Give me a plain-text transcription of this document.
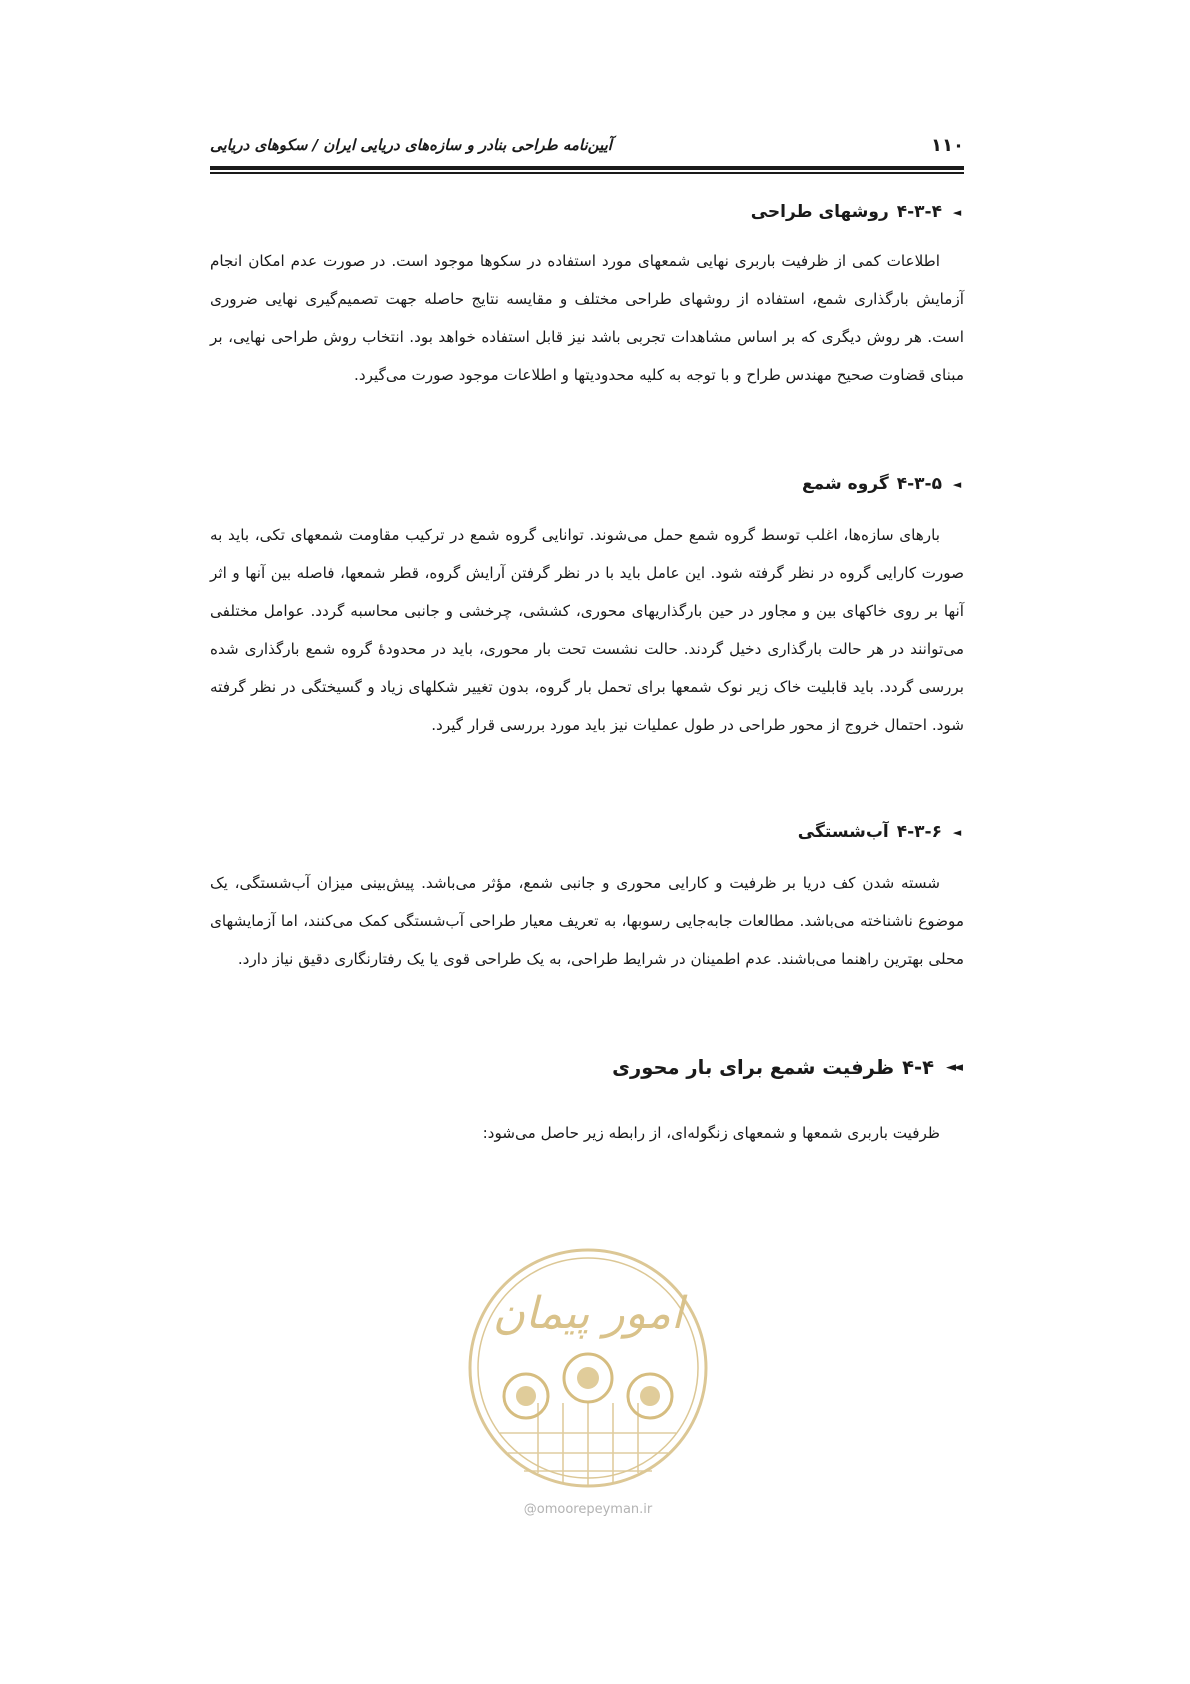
۱۱۰
آیین‌نامه طراحی بنادر و سازه‌های دریایی ایران / سکوهای دریایی
◄
۴-۳-۴
روشهای طراحی

اطلاعات کمی از ظرفیت باربری نهایی شمعهای مورد استفاده در سکوها موجود است. در صورت عدم امکان انجام آزمایش بارگذاری شمع، استفاده از روشهای طراحی مختلف و مقایسه نتایج حاصله جهت تصمیم‌گیری نهایی ضروری است. هر روش دیگری که بر اساس مشاهدات تجربی باشد نیز قابل استفاده خواهد بود. انتخاب روش طراحی نهایی، بر مبنای قضاوت صحیح مهندس طراح و با توجه به کلیه محدودیتها و اطلاعات موجود صورت می‌گیرد.

◄
۴-۳-۵
گروه شمع

بارهای سازه‌ها، اغلب توسط گروه شمع حمل می‌شوند. توانایی گروه شمع در ترکیب مقاومت شمعهای تکی، باید به صورت کارایی گروه در نظر گرفته شود. این عامل باید با در نظر گرفتن آرایش گروه، قطر شمعها، فاصله بین آنها و اثر آنها بر روی خاکهای بین و مجاور در حین بارگذاریهای محوری، کششی، چرخشی و جانبی محاسبه گردد. عوامل مختلفی می‌توانند در هر حالت بارگذاری دخیل گردند. حالت نشست تحت بار محوری، باید در محدودهٔ گروه شمع بارگذاری شده بررسی گردد. باید قابلیت خاک زیر نوک شمعها برای تحمل بار گروه، بدون تغییر شکلهای زیاد و گسیختگی در نظر گرفته شود. احتمال خروج از محور طراحی در طول عملیات نیز باید مورد بررسی قرار گیرد.

◄
۴-۳-۶
آب‌شستگی

شسته شدن کف دریا بر ظرفیت و کارایی محوری و جانبی شمع، مؤثر می‌باشد. پیش‌بینی میزان آب‌شستگی، یک موضوع ناشناخته می‌باشد. مطالعات جابه‌جایی رسوبها، به تعریف معیار طراحی آب‌شستگی کمک می‌کنند، اما آزمایشهای محلی بهترین راهنما می‌باشند. عدم اطمینان در شرایط طراحی، به یک طراحی قوی یا یک رفتارنگاری دقیق نیاز دارد.

◄◄
۴-۴
ظرفیت شمع برای بار محوری

ظرفیت باربری شمعها و شمعهای زنگوله‌ای، از رابطه زیر حاصل می‌شود:

امور پیمان
@omoorepeyman.ir
